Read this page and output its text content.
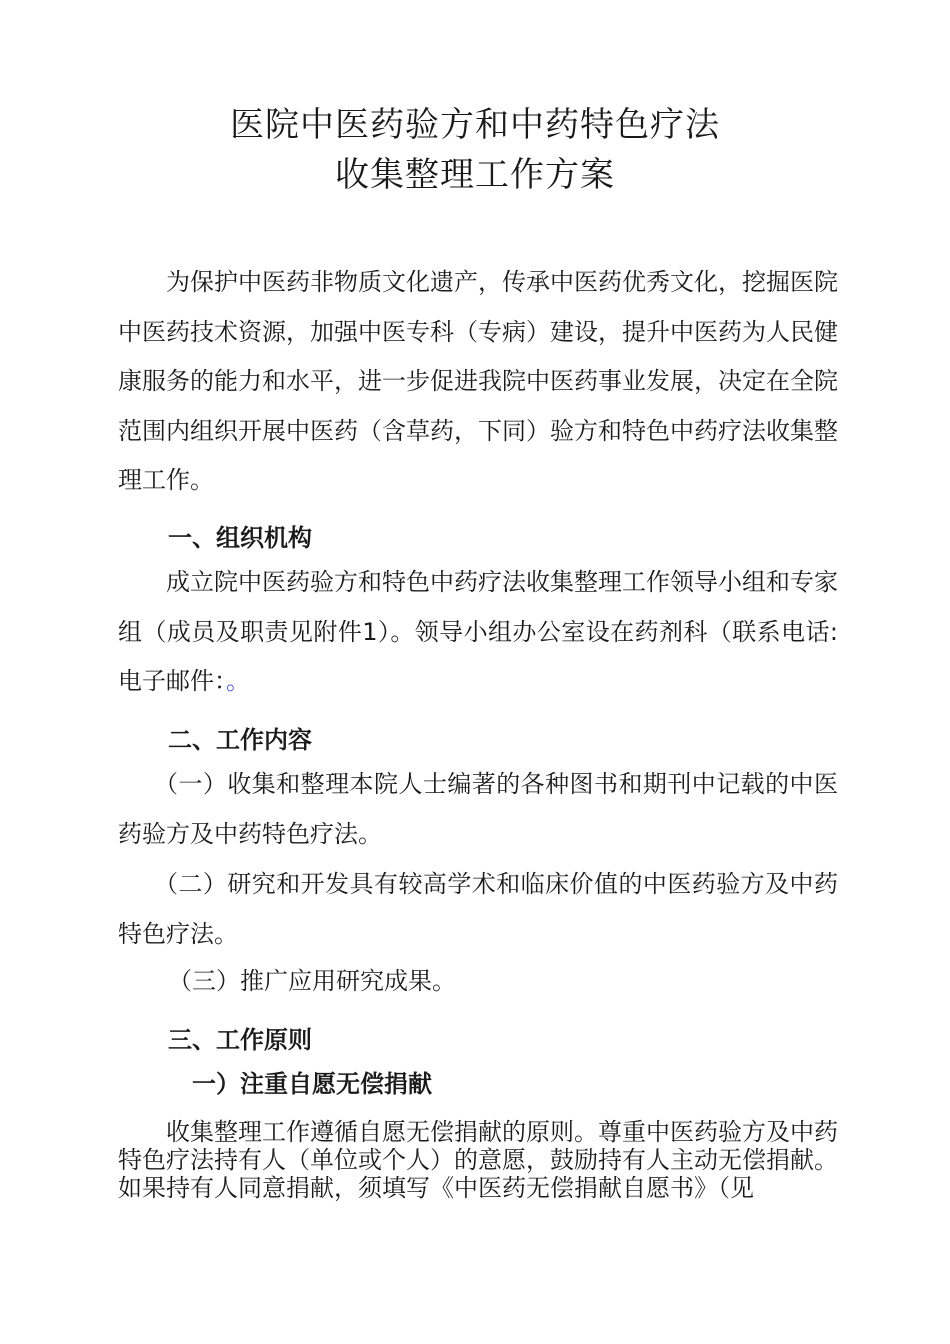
医院中医药验方和中药特色疗法
收集整理工作方案

为保护中医药非物质文化遗产，传承中医药优秀文化，挖掘医院中医药技术资源，加强中医专科（专病）建设，提升中医药为人民健康服务的能力和水平，进一步促进我院中医药事业发展，决定在全院范围内组织开展中医药（含草药，下同）验方和特色中药疗法收集整理工作。

一、组织机构

成立院中医药验方和特色中药疗法收集整理工作领导小组和专家组（成员及职责见附件1）。领导小组办公室设在药剂科（联系电话:电子邮件：。

二、工作内容

（一）收集和整理本院人士编著的各种图书和期刊中记载的中医药验方及中药特色疗法。

（二）研究和开发具有较高学术和临床价值的中医药验方及中药特色疗法。

（三）推广应用研究成果。

三、工作原则

一）注重自愿无偿捐献

收集整理工作遵循自愿无偿捐献的原则。尊重中医药验方及中药特色疗法持有人（单位或个人）的意愿，鼓励持有人主动无偿捐献。如果持有人同意捐献，须填写《中医药无偿捐献自愿书》（见
